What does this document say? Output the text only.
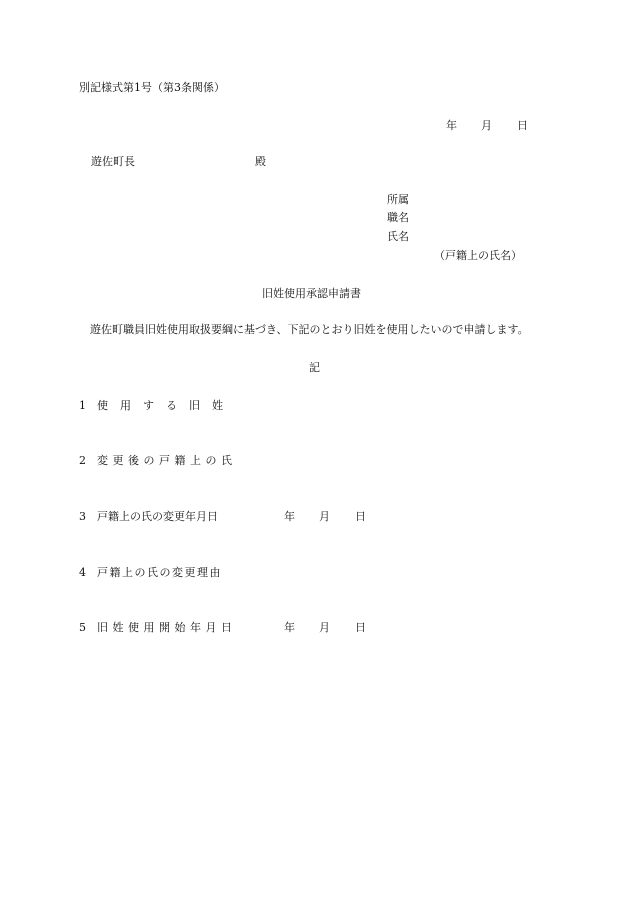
別記様式第1号（第3条関係）
年 月 日
遊佐町長	殿
所属
職名
氏名
（戸籍上の氏名）
旧姓使用承認申請書
遊佐町職員旧姓使用取扱要綱に基づき、下記のとおり旧姓を使用したいので申請します。
記
1 使用する旧姓
2 変更後の戸籍上の氏
3 戸籍上の氏の変更年月日	年 月 日
4 戸籍上の氏の変更理由
5 旧姓使用開始年月日	年 月 日
